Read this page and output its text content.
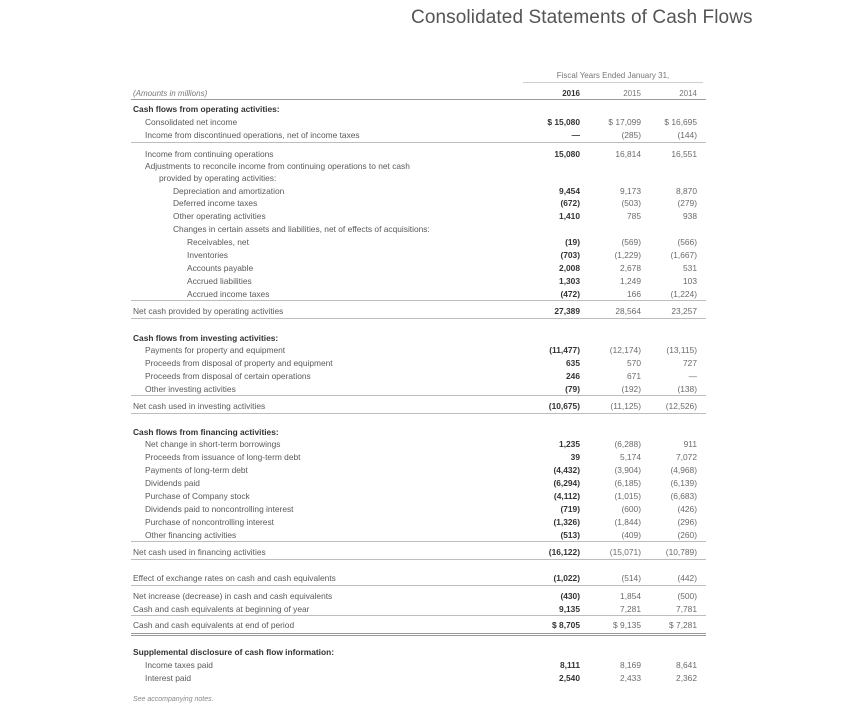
Consolidated Statements of Cash Flows
Fiscal Years Ended January 31,
(Amounts in millions)	2016	2015	2014
Cash flows from operating activities:
Consolidated net income	$ 15,080	$ 17,099	$ 16,695
Income from discontinued operations, net of income taxes	—	(285)	(144)
Income from continuing operations	15,080	16,814	16,551
Adjustments to reconcile income from continuing operations to net cash
provided by operating activities:
Depreciation and amortization	9,454	9,173	8,870
Deferred income taxes	(672)	(503)	(279)
Other operating activities	1,410	785	938
Changes in certain assets and liabilities, net of effects of acquisitions:
Receivables, net	(19)	(569)	(566)
Inventories	(703)	(1,229)	(1,667)
Accounts payable	2,008	2,678	531
Accrued liabilities	1,303	1,249	103
Accrued income taxes	(472)	166	(1,224)
Net cash provided by operating activities	27,389	28,564	23,257
Cash flows from investing activities:
Payments for property and equipment	(11,477)	(12,174)	(13,115)
Proceeds from disposal of property and equipment	635	570	727
Proceeds from disposal of certain operations	246	671	—
Other investing activities	(79)	(192)	(138)
Net cash used in investing activities	(10,675)	(11,125)	(12,526)
Cash flows from financing activities:
Net change in short-term borrowings	1,235	(6,288)	911
Proceeds from issuance of long-term debt	39	5,174	7,072
Payments of long-term debt	(4,432)	(3,904)	(4,968)
Dividends paid	(6,294)	(6,185)	(6,139)
Purchase of Company stock	(4,112)	(1,015)	(6,683)
Dividends paid to noncontrolling interest	(719)	(600)	(426)
Purchase of noncontrolling interest	(1,326)	(1,844)	(296)
Other financing activities	(513)	(409)	(260)
Net cash used in financing activities	(16,122)	(15,071)	(10,789)
Effect of exchange rates on cash and cash equivalents	(1,022)	(514)	(442)
Net increase (decrease) in cash and cash equivalents	(430)	1,854	(500)
Cash and cash equivalents at beginning of year	9,135	7,281	7,781
Cash and cash equivalents at end of period	$ 8,705	$ 9,135	$ 7,281
Supplemental disclosure of cash flow information:
Income taxes paid	8,111	8,169	8,641
Interest paid	2,540	2,433	2,362
See accompanying notes.
